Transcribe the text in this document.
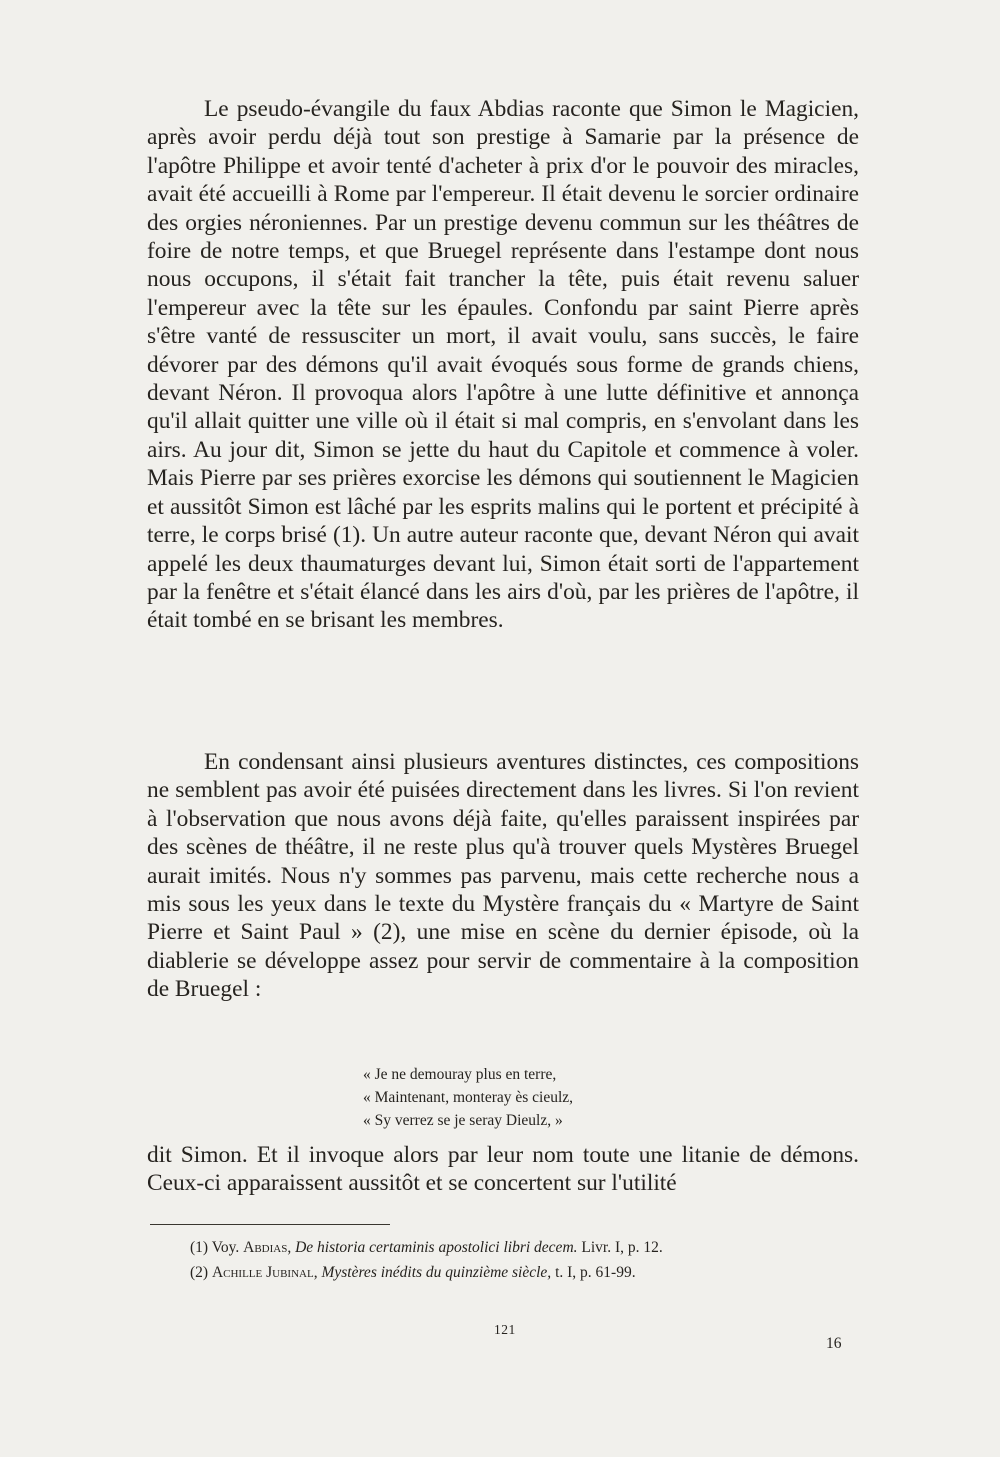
Le pseudo-évangile du faux Abdias raconte que Simon le Magicien, après avoir perdu déjà tout son prestige à Samarie par la présence de l'apôtre Philippe et avoir tenté d'acheter à prix d'or le pouvoir des miracles, avait été accueilli à Rome par l'empereur. Il était devenu le sorcier ordinaire des orgies néroniennes. Par un prestige devenu commun sur les théâtres de foire de notre temps, et que Bruegel représente dans l'estampe dont nous nous occupons, il s'était fait trancher la tête, puis était revenu saluer l'empereur avec la tête sur les épaules. Confondu par saint Pierre après s'être vanté de ressusciter un mort, il avait voulu, sans succès, le faire dévorer par des démons qu'il avait évoqués sous forme de grands chiens, devant Néron. Il provoqua alors l'apôtre à une lutte définitive et annonça qu'il allait quitter une ville où il était si mal compris, en s'envolant dans les airs. Au jour dit, Simon se jette du haut du Capitole et commence à voler. Mais Pierre par ses prières exorcise les démons qui soutiennent le Magicien et aussitôt Simon est lâché par les esprits malins qui le portent et précipité à terre, le corps brisé (1). Un autre auteur raconte que, devant Néron qui avait appelé les deux thaumaturges devant lui, Simon était sorti de l'appartement par la fenêtre et s'était élancé dans les airs d'où, par les prières de l'apôtre, il était tombé en se brisant les membres.

En condensant ainsi plusieurs aventures distinctes, ces compositions ne semblent pas avoir été puisées directement dans les livres. Si l'on revient à l'observation que nous avons déjà faite, qu'elles paraissent inspirées par des scènes de théâtre, il ne reste plus qu'à trouver quels Mystères Bruegel aurait imités. Nous n'y sommes pas parvenu, mais cette recherche nous a mis sous les yeux dans le texte du Mystère français du « Martyre de Saint Pierre et Saint Paul » (2), une mise en scène du dernier épisode, où la diablerie se développe assez pour servir de commentaire à la composition de Bruegel :

« Je ne demouray plus en terre,
« Maintenant, monteray ès cieulz,
« Sy verrez se je seray Dieulz, »

dit Simon. Et il invoque alors par leur nom toute une litanie de démons. Ceux-ci apparaissent aussitôt et se concertent sur l'utilité

(1) Voy. Abdias, De historia certaminis apostolici libri decem. Livr. I, p. 12.
(2) Achille Jubinal, Mystères inédits du quinzième siècle, t. I, p. 61-99.
121
16
